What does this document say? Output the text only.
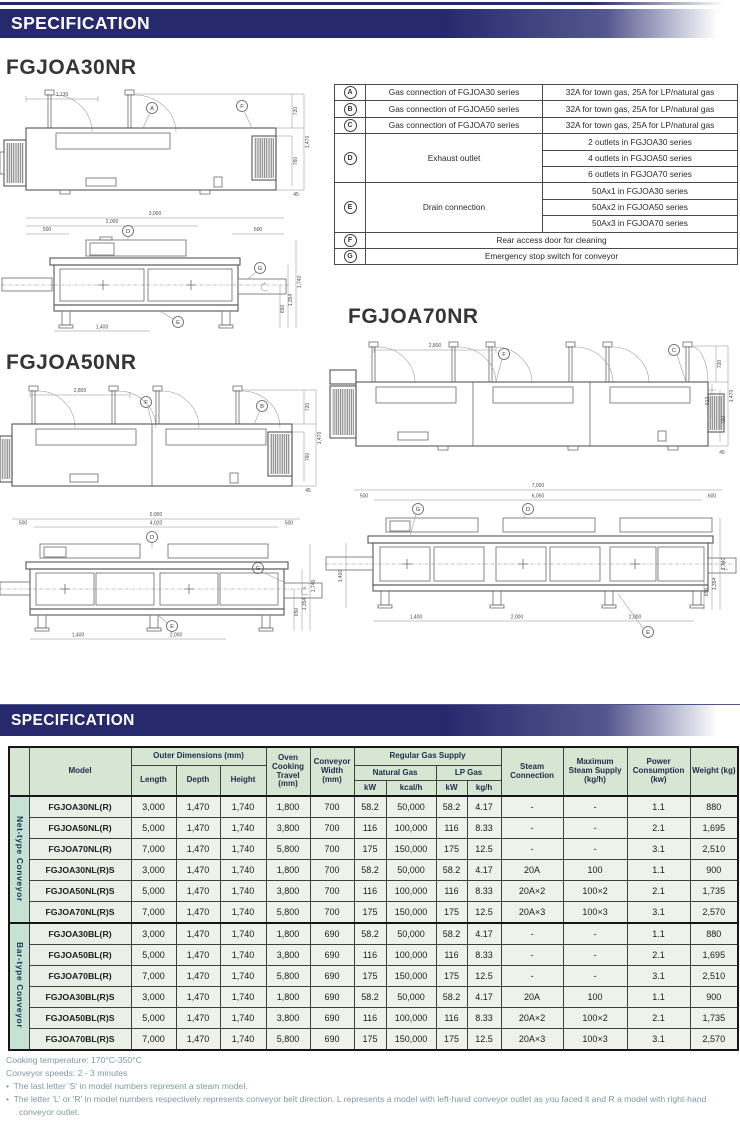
SPECIFICATION
FGJOA30NR
FGJOA50NR
FGJOA70NR
1,130
720
1,470
760
45
F
A
3,000
2,000
500	600
1,400
1,740
1,354
650
D
E
G
2,800
720
1,470
760
45
F
B
5,000
4,020
500	500
1,400	2,000
1,740
1,354
650
D
E
G
2,800
720
612	1,470
760
45
F
C
7,000
6,050
500	600
1,400
1,400	2,000	2,000
1,740
1,354
650
D
E
G
A	Gas connection of FGJOA30 series	32A for town gas, 25A for LP/natural gas
B	Gas connection of FGJOA50 series	32A for town gas, 25A for LP/natural gas
C	Gas connection of FGJOA70 series	32A for town gas, 25A for LP/natural gas
D	Exhaust outlet	2 outlets in FGJOA30 series
		4 outlets in FGJOA50 series
		6 outlets in FGJOA70 series
E	Drain connection	50Ax1 in FGJOA30 series
		50Ax2 in FGJOA50 series
		50Ax3 in FGJOA70 series
F	Rear access door for cleaning	
G	Emergency stop switch for conveyor	
SPECIFICATION
	Model	Outer Dimensions (mm)			Oven Cooking Travel (mm)	Conveyor Width (mm)	Regular Gas Supply				Steam Connection	Maximum Steam Supply (kg/h)	Power Consumption (kw)	Weight (kg)
		Length	Depth	Height			Natural Gas		LP Gas					
							kW	kcal/h	kW	kg/h				
Net-type Conveyor	FGJOA30NL(R)	3,000	1,470	1,740	1,800	700	58.2	50,000	58.2	4.17	-	-	1.1	880
	FGJOA50NL(R)	5,000	1,470	1,740	3,800	700	116	100,000	116	8.33	-	-	2.1	1,695
	FGJOA70NL(R)	7,000	1,470	1,740	5,800	700	175	150,000	175	12.5	-	-	3.1	2,510
	FGJOA30NL(R)S	3,000	1,470	1,740	1,800	700	58.2	50,000	58.2	4.17	20A	100	1.1	900
	FGJOA50NL(R)S	5,000	1,470	1,740	3,800	700	116	100,000	116	8.33	20A×2	100×2	2.1	1,735
	FGJOA70NL(R)S	7,000	1,470	1,740	5,800	700	175	150,000	175	12.5	20A×3	100×3	3.1	2,570
Bar-type Conveyor	FGJOA30BL(R)	3,000	1,470	1,740	1,800	690	58.2	50,000	58.2	4.17	-	-	1.1	880
	FGJOA50BL(R)	5,000	1,470	1,740	3,800	690	116	100,000	116	8.33	-	-	2.1	1,695
	FGJOA70BL(R)	7,000	1,470	1,740	5,800	690	175	150,000	175	12.5	-	-	3.1	2,510
	FGJOA30BL(R)S	3,000	1,470	1,740	1,800	690	58.2	50,000	58.2	4.17	20A	100	1.1	900
	FGJOA50BL(R)S	5,000	1,470	1,740	3,800	690	116	100,000	116	8.33	20A×2	100×2	2.1	1,735
	FGJOA70BL(R)S	7,000	1,470	1,740	5,800	690	175	150,000	175	12.5	20A×3	100×3	3.1	2,570
Cooking temperature: 170°C-350°C
Conveyor speeds: 2 - 3 minutes
•  The last letter 'S' in model numbers represent a steam model.
•  The letter 'L' or 'R' in model numbers respectively represents conveyor belt direction. L represents a model with left-hand conveyor outlet as you faced it and R a model with right-hand conveyor outlet.
